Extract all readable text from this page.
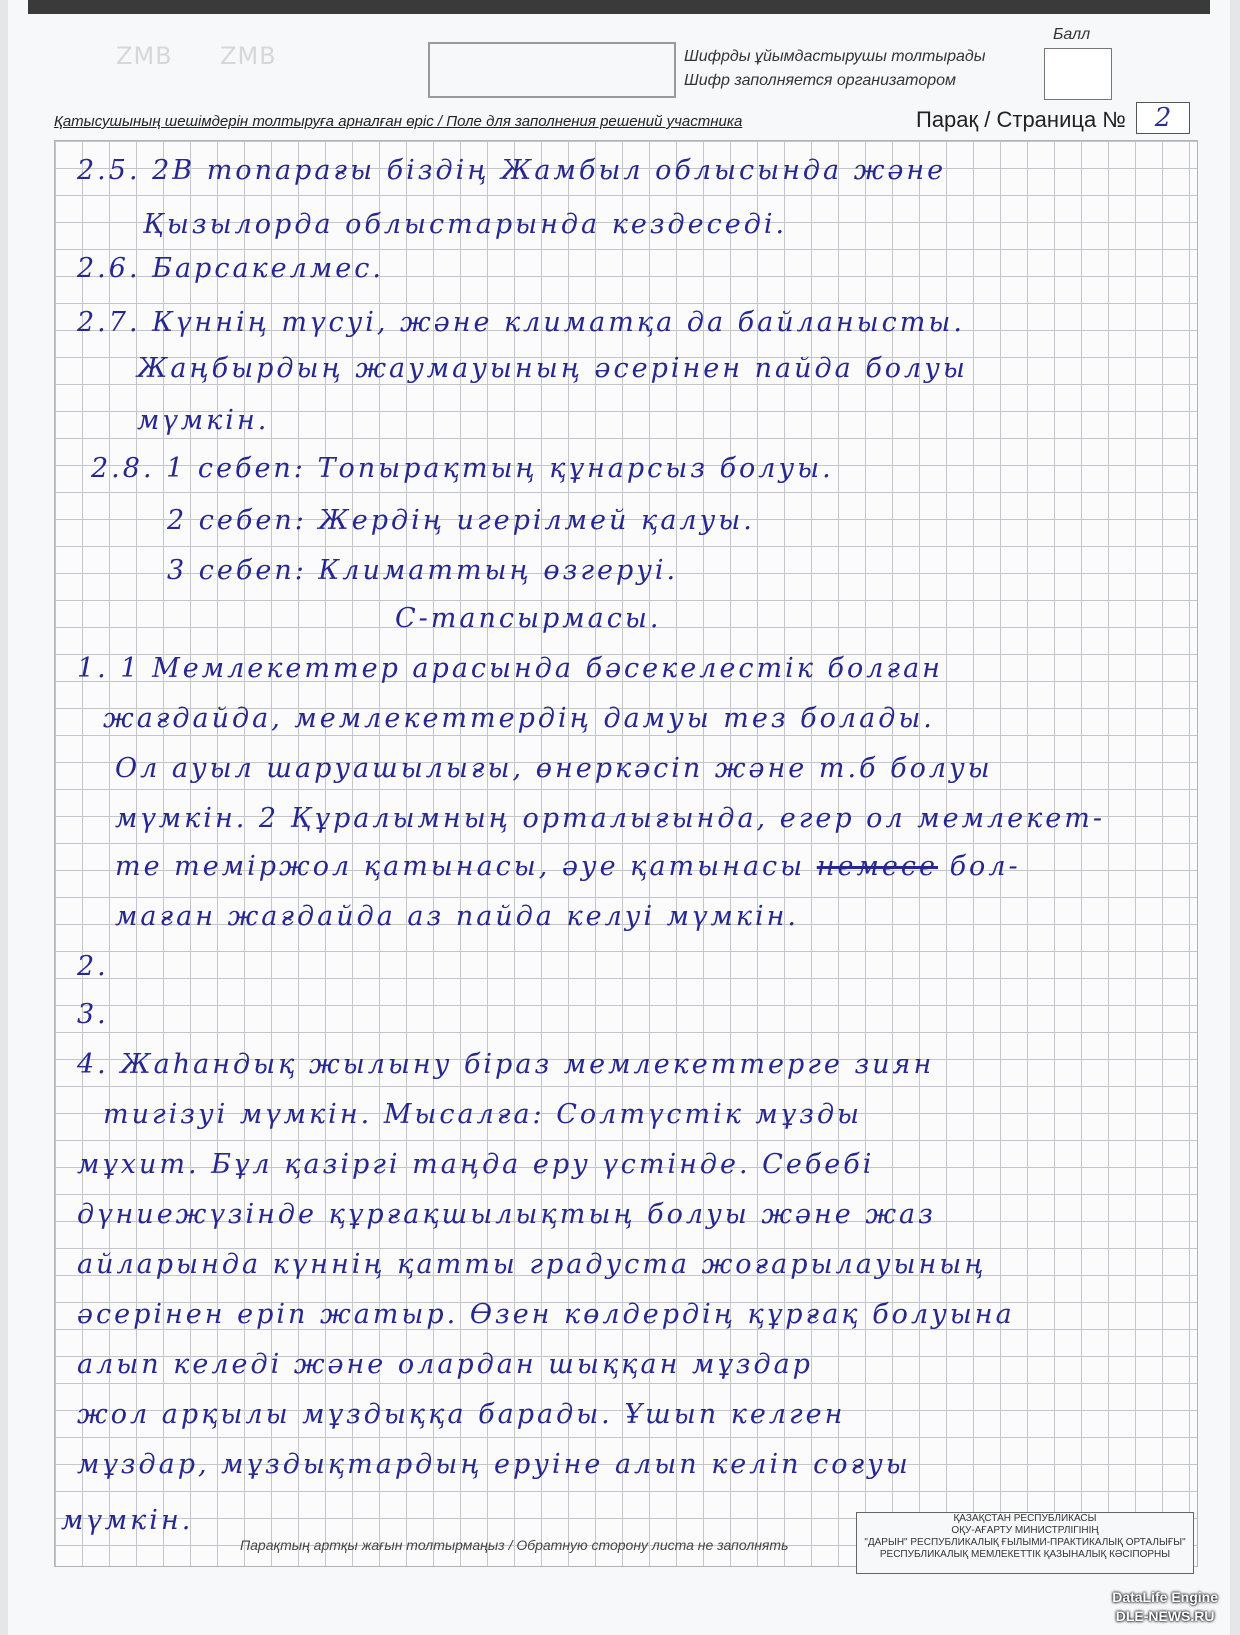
ZMB ZMB	Шифрды ұйымдастырушы толтырады
Шифр заполняется организатором
Балл
Қатысушының шешімдерін толтыруға арналған өріс / Поле для заполнения решений участника	Парақ / Страница №	2
2.5. 2В топарағы біздің Жамбыл облысында және
Қызылорда облыстарында кездеседі.
2.6. Барсакелмес.
2.7. Күннің түсуі, және климатқа да байланысты.
Жаңбырдың жаумауының әсерінен пайда болуы
мүмкін.
2.8. 1 себеп: Топырақтың құнарсыз болуы.
2 себеп: Жердің игерілмей қалуы.
3 себеп: Климаттың өзгеруі.
С-тапсырмасы.
1. 1 Мемлекеттер арасында бәсекелестік болған
жағдайда, мемлекеттердің дамуы тез болады.
Ол ауыл шаруашылығы, өнеркәсіп және т.б болуы
мүмкін. 2 Құралымның орталығында, егер ол мемлекет-
те теміржол қатынасы, әуе қатынасы немесе бол-
маған жағдайда аз пайда келуі мүмкін.
2.
3.
4. Жаһандық жылыну біраз мемлекеттерге зиян
тигізуі мүмкін. Мысалға: Солтүстік мұзды
мұхит. Бұл қазіргі таңда еру үстінде. Себебі
дүниежүзінде құрғақшылықтың болуы және жаз
айларында күннің қатты градуста жоғарылауының
әсерінен еріп жатыр. Өзен көлдердің құрғақ болуына
алып келеді және олардан шыққан мұздар
жол арқылы мұздыққа барады. Ұшып келген
мұздар, мұздықтардың еруіне алып келіп соғуы
мүмкін.
Парақтың артқы жағын толтырмаңыз / Обратную сторону листа не заполнять
ҚАЗАҚСТАН РЕСПУБЛИКАСЫ
ОҚУ-АҒАРТУ МИНИСТРЛІГІНІҢ
"ДАРЫН" РЕСПУБЛИКАЛЫҚ ҒЫЛЫМИ-ПРАКТИКАЛЫҚ ОРТАЛЫҒЫ"
РЕСПУБЛИКАЛЫҚ МЕМЛЕКЕТТІК ҚАЗЫНАЛЫҚ КӘСІПОРНЫ
DataLife Engine
DLE-NEWS.RU
